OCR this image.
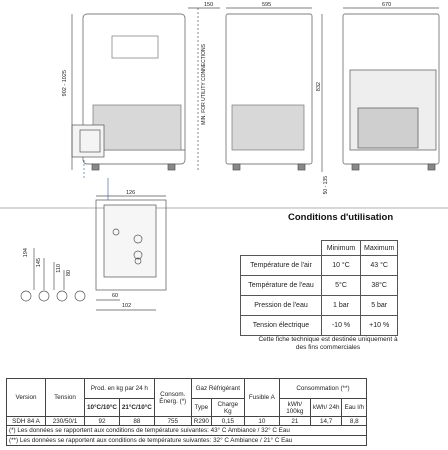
150	595	670
902 - 1025	832
50 - 135
MIN. FOR UTILITY CONNECTIONS
126
194
145
110
80
60
102
Conditions d'utilisation
	Minimum	Maximum
Température de l'air	10 °C	43 °C
Température de l'eau	5°C	38°C
Pression de l'eau	1 bar	5 bar
Tension électrique	-10 %	+10 %
Cette fiche technique est destinée uniquement à
des fins commerciales
Version	Tension	Prod. en kg par 24 h		Consom. Énerg. (*)	Gaz Réfrigérant		Fusible A	Consommation (**)		
		10°C/10°C	21°C/10°C		Type	Charge Kg		kWh/ 100kg	kWh/ 24h	Eau l/h
SDH 84 A	230/50/1	92	88	755	R290	0,15	10	21	14,7	8,8
(*) Les données se rapportent aux conditions de température suivantes: 43° C Ambiance / 32° C Eau										
(**) Les données se rapportent aux conditions de température suivantes: 32° C Ambiance / 21° C Eau										
